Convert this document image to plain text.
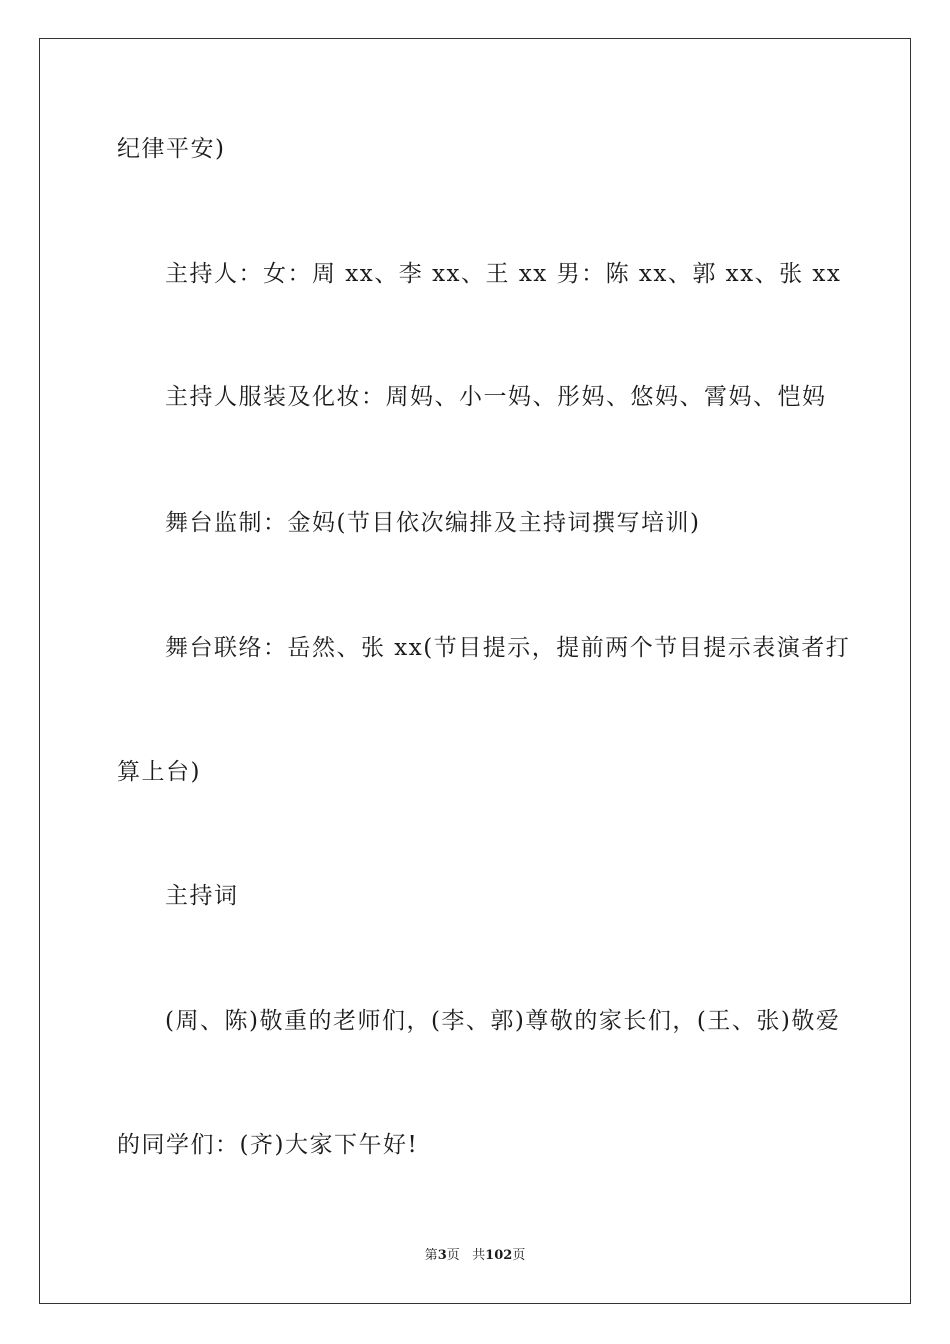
纪律平安)
主持人：女：周 xx、李 xx、王 xx 男：陈 xx、郭 xx、张 xx
主持人服装及化妆：周妈、小一妈、彤妈、悠妈、霄妈、恺妈
舞台监制：金妈(节目依次编排及主持词撰写培训)
舞台联络：岳然、张 xx(节目提示，提前两个节目提示表演者打
算上台)
主持词
(周、陈)敬重的老师们，(李、郭)尊敬的家长们，(王、张)敬爱
的同学们：(齐)大家下午好!
第3页 共102页
